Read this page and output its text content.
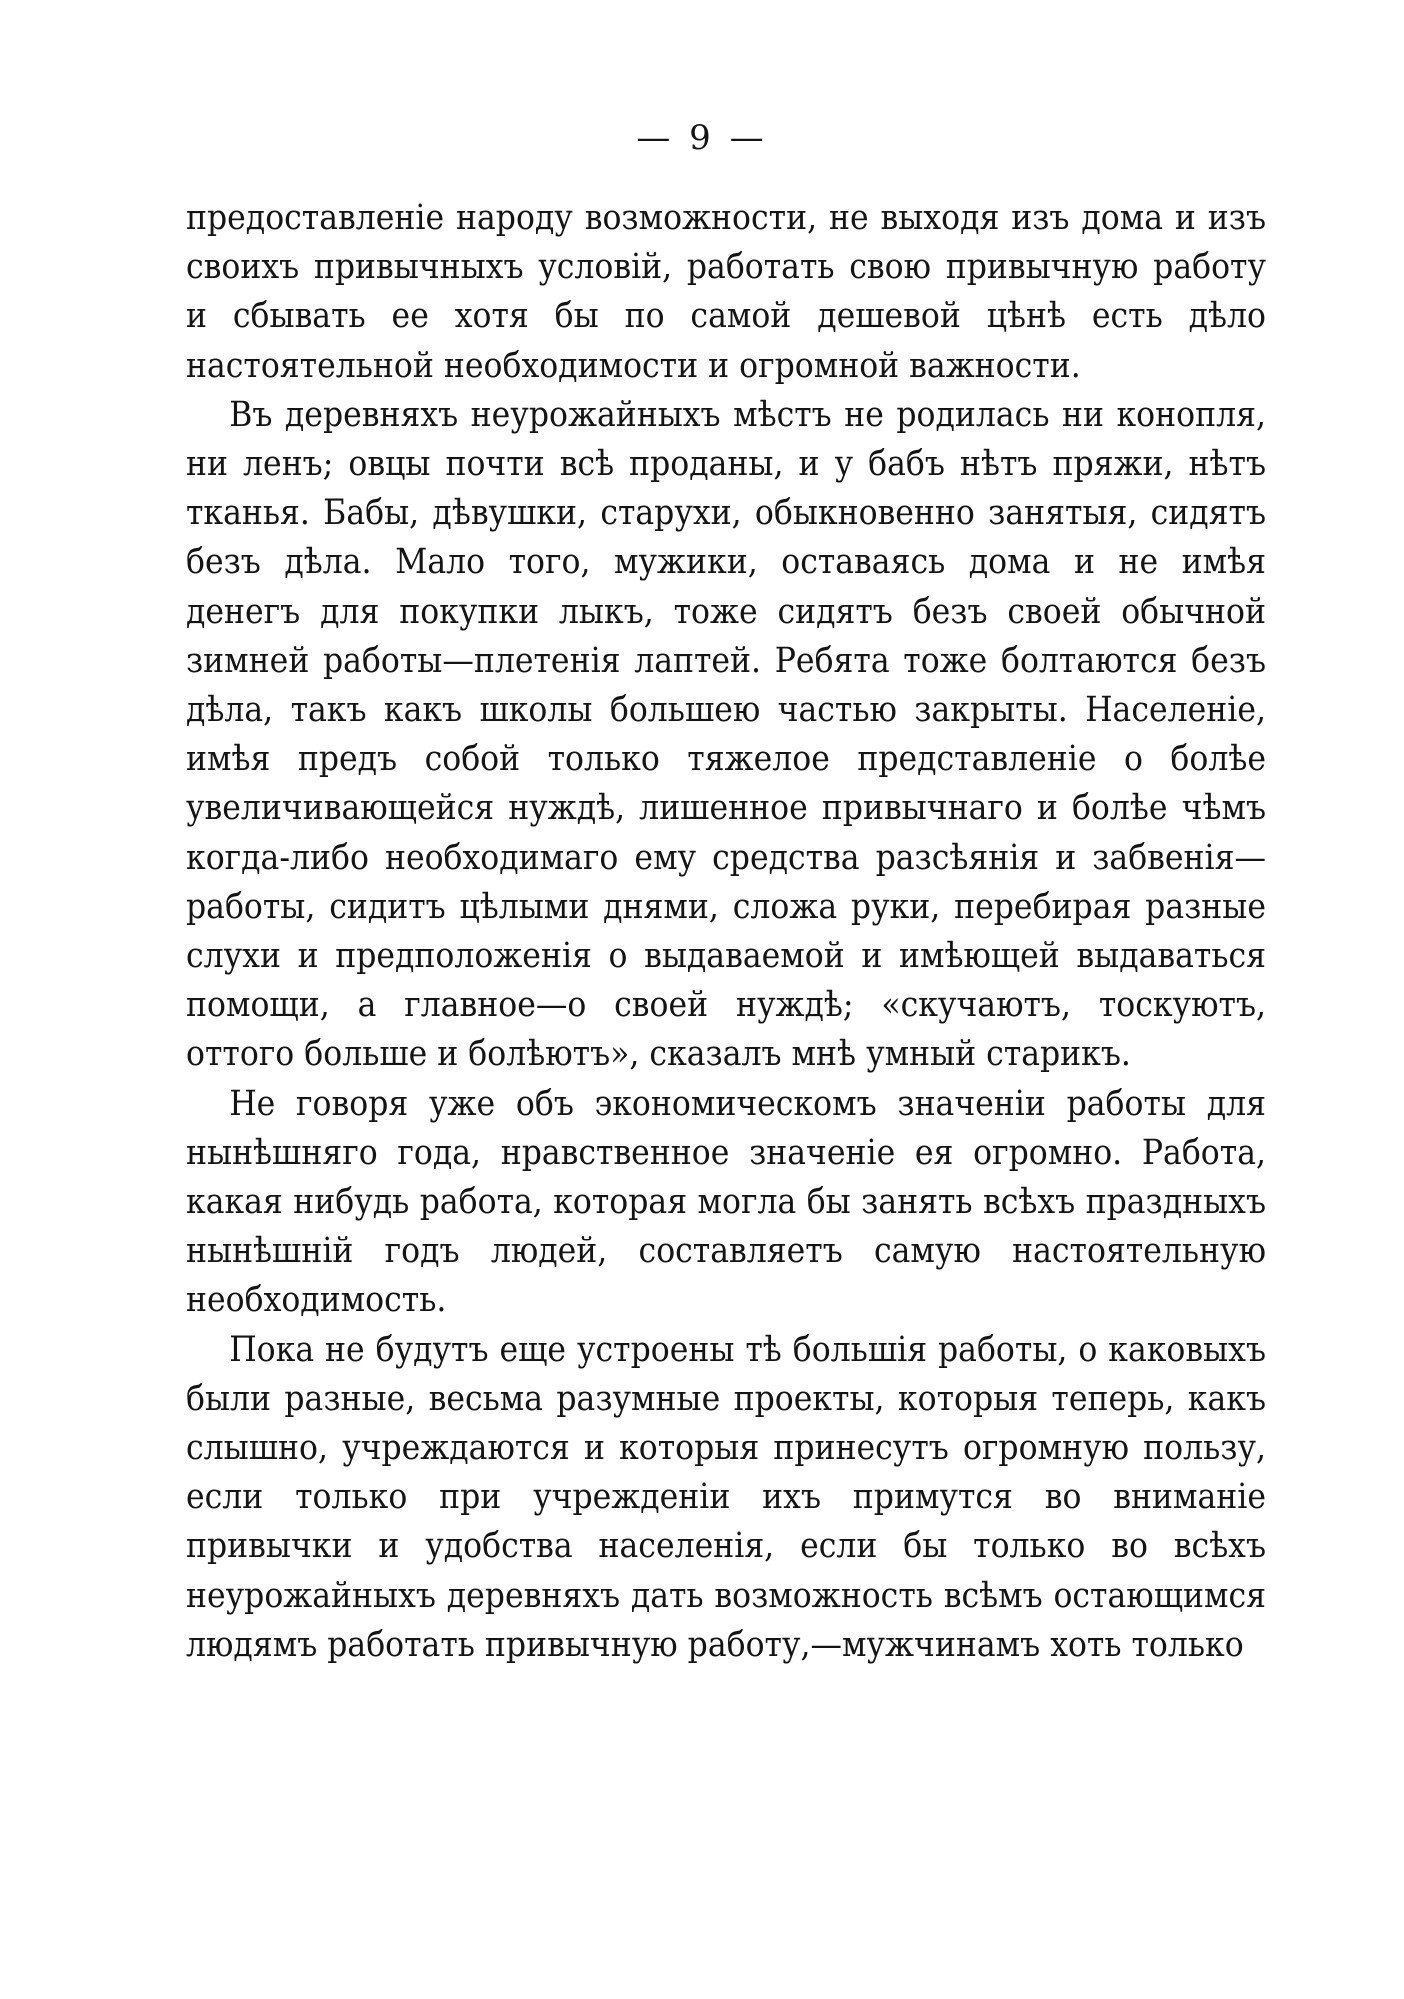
— 9 —

предоставленіе народу возможности, не выходя изъ дома и изъ своихъ привычныхъ условій, работать свою привычную работу и сбывать ее хотя бы по самой дешевой цѣнѣ есть дѣло настоятельной необходимости и огромной важности.

Въ деревняхъ неурожайныхъ мѣстъ не родилась ни конопля, ни ленъ; овцы почти всѣ проданы, и у бабъ нѣтъ пряжи, нѣтъ тканья. Бабы, дѣвушки, старухи, обыкновенно занятыя, сидятъ безъ дѣла. Мало того, мужики, оставаясь дома и не имѣя денегъ для покупки лыкъ, тоже сидятъ безъ своей обычной зимней работы—плетенія лаптей. Ребята тоже болтаются безъ дѣла, такъ какъ школы большею частью закрыты. Населеніе, имѣя предъ собой только тяжелое представленіе о болѣе увеличивающейся нуждѣ, лишенное привычнаго и болѣе чѣмъ когда-либо необходимаго ему средства разсѣянія и забвенія—работы, сидитъ цѣлыми днями, сложа руки, перебирая разные слухи и предположенія о выдаваемой и имѣющей выдаваться помощи, а главное—о своей нуждѣ; «скучаютъ, тоскуютъ, оттого больше и болѣютъ», сказалъ мнѣ умный старикъ.

Не говоря уже объ экономическомъ значеніи работы для нынѣшняго года, нравственное значеніе ея огромно. Работа, какая нибудь работа, которая могла бы занять всѣхъ праздныхъ нынѣшній годъ людей, составляетъ самую настоятельную необходимость.

Пока не будутъ еще устроены тѣ большія работы, о каковыхъ были разные, весьма разумные проекты, которыя теперь, какъ слышно, учреждаются и которыя принесутъ огромную пользу, если только при учрежденіи ихъ примутся во вниманіе привычки и удобства населенія, если бы только во всѣхъ неурожайныхъ деревняхъ дать возможность всѣмъ остающимся людямъ работать привычную работу,—мужчинамъ хоть только
